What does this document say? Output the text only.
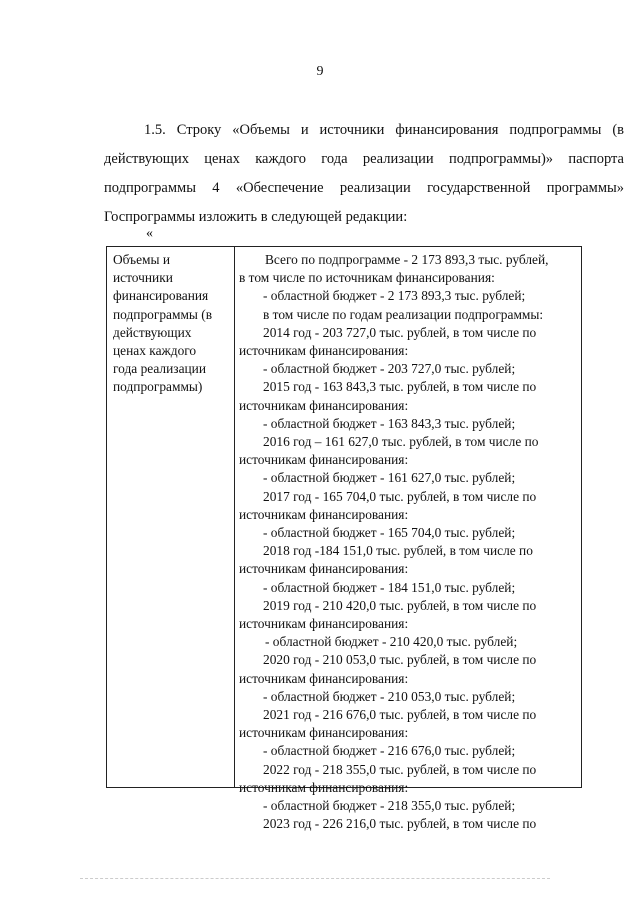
9
1.5. Строку «Объемы и источники финансирования подпрограммы (в
действующих ценах каждого года реализации подпрограммы)» паспорта
подпрограммы 4 «Обеспечение реализации государственной программы»
Госпрограммы изложить в следующей редакции:
«
Объемы и
источники
финансирования
подпрограммы (в
действующих
ценах каждого
года реализации
подпрограммы)
Всего по подпрограмме - 2 173 893,3 тыс. рублей,
в том числе по источникам финансирования:
- областной бюджет - 2 173 893,3 тыс. рублей;
в том числе по годам реализации подпрограммы:
2014 год - 203 727,0 тыс. рублей, в том числе по
источникам финансирования:
- областной бюджет - 203 727,0 тыс. рублей;
2015 год - 163 843,3 тыс. рублей, в том числе по
источникам финансирования:
- областной бюджет - 163 843,3 тыс. рублей;
2016 год – 161 627,0 тыс. рублей, в том числе по
источникам финансирования:
- областной бюджет - 161 627,0 тыс. рублей;
2017 год - 165 704,0 тыс. рублей, в том числе по
источникам финансирования:
- областной бюджет - 165 704,0 тыс. рублей;
2018 год -184 151,0 тыс. рублей, в том числе по
источникам финансирования:
- областной бюджет - 184 151,0 тыс. рублей;
2019 год - 210 420,0 тыс. рублей, в том числе по
источникам финансирования:
- областной бюджет - 210 420,0 тыс. рублей;
2020 год - 210 053,0 тыс. рублей, в том числе по
источникам финансирования:
- областной бюджет - 210 053,0 тыс. рублей;
2021 год - 216 676,0 тыс. рублей, в том числе по
источникам финансирования:
- областной бюджет - 216 676,0 тыс. рублей;
2022 год - 218 355,0 тыс. рублей, в том числе по
источникам финансирования:
- областной бюджет - 218 355,0 тыс. рублей;
2023 год - 226 216,0 тыс. рублей, в том числе по
